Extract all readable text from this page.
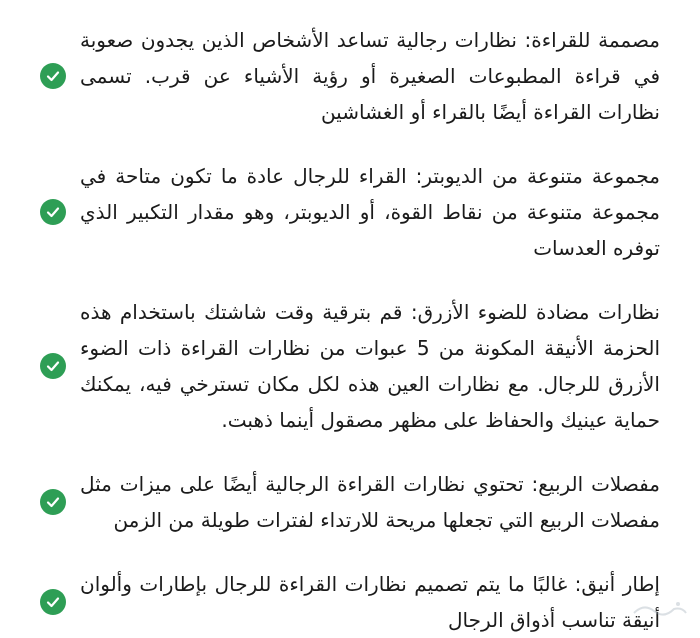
مصممة للقراءة: نظارات رجالية تساعد الأشخاص الذين يجدون صعوبة في قراءة المطبوعات الصغيرة أو رؤية الأشياء عن قرب. تسمى نظارات القراءة أيضًا بالقراء أو الغشاشين
مجموعة متنوعة من الديوبتر: القراء للرجال عادة ما تكون متاحة في مجموعة متنوعة من نقاط القوة، أو الديوبتر، وهو مقدار التكبير الذي توفره العدسات
نظارات مضادة للضوء الأزرق: قم بترقية وقت شاشتك باستخدام هذه الحزمة الأنيقة المكونة من 5 عبوات من نظارات القراءة ذات الضوء الأزرق للرجال. مع نظارات العين هذه لكل مكان تسترخي فيه، يمكنك حماية عينيك والحفاظ على مظهر مصقول أينما ذهبت.
مفصلات الربيع: تحتوي نظارات القراءة الرجالية أيضًا على ميزات مثل مفصلات الربيع التي تجعلها مريحة للارتداء لفترات طويلة من الزمن
إطار أنيق: غالبًا ما يتم تصميم نظارات القراءة للرجال بإطارات وألوان أنيقة تناسب أذواق الرجال
